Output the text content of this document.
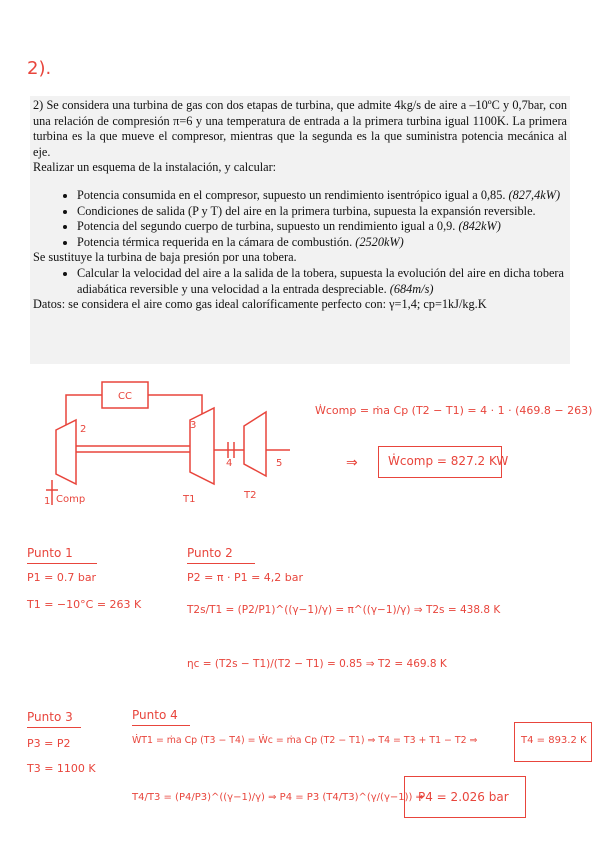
2).
2) Se considera una turbina de gas con dos etapas de turbina, que admite 4kg/s de aire a –10ºC y 0,7bar, con una relación de compresión π=6 y una temperatura de entrada a la primera turbina igual 1100K. La primera turbina es la que mueve el compresor, mientras que la segunda es la que suministra potencia mecánica al eje.
Realizar un esquema de la instalación, y calcular:
• Potencia consumida en el compresor, supuesto un rendimiento isentrópico igual a 0,85. (827,4kW)
• Condiciones de salida (P y T) del aire en la primera turbina, supuesta la expansión reversible.
• Potencia del segundo cuerpo de turbina, supuesto un rendimiento igual a 0,9. (842kW)
• Potencia térmica requerida en la cámara de combustión. (2520kW)
Se sustituye la turbina de baja presión por una tobera.
• Calcular la velocidad del aire a la salida de la tobera, supuesta la evolución del aire en dicha tobera adiabática reversible y una velocidad a la entrada despreciable. (684m/s)
Datos: se considera el aire como gas ideal caloríficamente perfecto con: γ=1,4; cp=1kJ/kg.K
CC
Comp	T1	T2
1
2	3
4	5
Ẇcomp = ṁa Cp (T2 − T1) = 4 · 1 · (469.8 − 263)
⇒	Ẇcomp = 827.2 KW
Punto 1
P1 = 0.7 bar
T1 = −10°C = 263 K
Punto 2
P2 = π · P1 = 4,2 bar
T2s/T1 = (P2/P1)^((γ−1)/γ) = π^((γ−1)/γ) ⇒ T2s = 438.8 K
ηc = (T2s − T1)/(T2 − T1) = 0.85 ⇒ T2 = 469.8 K
Punto 3
P3 = P2
T3 = 1100 K
Punto 4
ẆT1 = ṁa Cp (T3 − T4) = Ẇc = ṁa Cp (T2 − T1) ⇒ T4 = T3 + T1 − T2 ⇒	T4 = 893.2 K
T4/T3 = (P4/P3)^((γ−1)/γ) ⇒ P4 = P3 (T4/T3)^(γ/(γ−1)) ⇒
P4 = 2.026 bar
